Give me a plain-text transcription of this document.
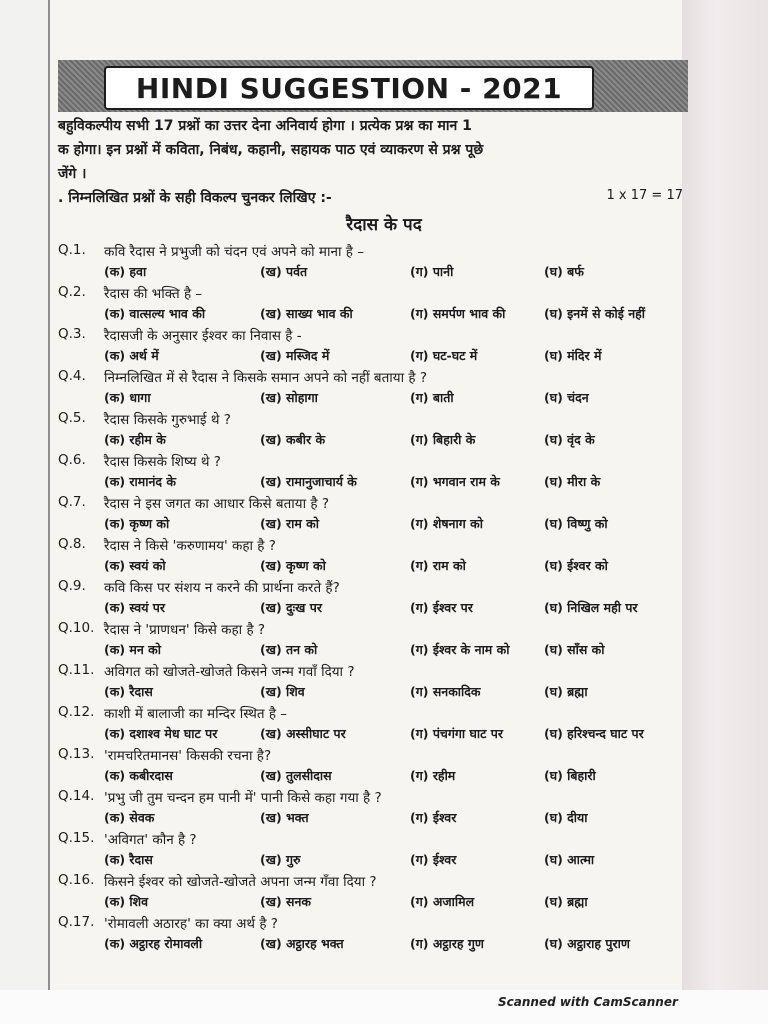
HINDI SUGGESTION - 2021
बहुविकल्पीय सभी 17 प्रश्नों का उत्तर देना अनिवार्य होगा । प्रत्येक प्रश्न का मान 1
क होगा। इन प्रश्नों में कविता, निबंध, कहानी, सहायक पाठ एवं व्याकरण से प्रश्न पूछे
जेंगे ।
. निम्नलिखित प्रश्नों के सही विकल्प चुनकर लिखिए :-	1 x 17 = 17
रैदास के पद
Q.1.	कवि रैदास ने प्रभुजी को चंदन एवं अपने को माना है –
(क) हवा	(ख) पर्वत	(ग) पानी	(घ) बर्फ
Q.2.	रैदास की भक्ति है –
(क) वात्सल्य भाव की	(ख) साख्य भाव की	(ग) समर्पण भाव की	(घ) इनमें से कोई नहीं
Q.3.	रैदासजी के अनुसार ईश्वर का निवास है -
(क) अर्थ में	(ख) मस्जिद में	(ग) घट-घट में	(घ) मंदिर में
Q.4.	निम्नलिखित में से रैदास ने किसके समान अपने को नहीं बताया है ?
(क) धागा	(ख) सोहागा	(ग) बाती	(घ) चंदन
Q.5.	रैदास किसके गुरुभाई थे ?
(क) रहीम के	(ख) कबीर के	(ग) बिहारी के	(घ) वृंद के
Q.6.	रैदास किसके शिष्य थे ?
(क) रामानंद के	(ख) रामानुजाचार्य के	(ग) भगवान राम के	(घ) मीरा के
Q.7.	रैदास ने इस जगत का आधार किसे बताया है ?
(क) कृष्ण को	(ख) राम को	(ग) शेषनाग को	(घ) विष्णु को
Q.8.	रैदास ने किसे 'करुणामय' कहा है ?
(क) स्वयं को	(ख) कृष्ण को	(ग) राम को	(घ) ईश्वर को
Q.9.	कवि किस पर संशय न करने की प्रार्थना करते हैं?
(क) स्वयं पर	(ख) दुःख पर	(ग) ईश्वर पर	(घ) निखिल मही पर
Q.10. रैदास ने 'प्राणधन' किसे कहा है ?
(क) मन को	(ख) तन को	(ग) ईश्वर के नाम को	(घ) साँस को
Q.11. अविगत को खोजते-खोजते किसने जन्म गवाँ दिया ?
(क) रैदास	(ख) शिव	(ग) सनकादिक	(घ) ब्रह्मा
Q.12. काशी में बालाजी का मन्दिर स्थित है –
(क) दशाश्व मेध घाट पर	(ख) अस्सीघाट पर	(ग) पंचगंगा घाट पर	(घ) हरिश्चन्द घाट पर
Q.13. 'रामचरितमानस' किसकी रचना है?
(क) कबीरदास	(ख) तुलसीदास	(ग) रहीम	(घ) बिहारी
Q.14. 'प्रभु जी तुम चन्दन हम पानी में' पानी किसे कहा गया है ?
(क) सेवक	(ख) भक्त	(ग) ईश्वर	(घ) दीया
Q.15. 'अविगत' कौन है ?
(क) रैदास	(ख) गुरु	(ग) ईश्वर	(घ) आत्मा
Q.16. किसने ईश्वर को खोजते-खोजते अपना जन्म गँवा दिया ?
(क) शिव	(ख) सनक	(ग) अजामिल	(घ) ब्रह्मा
Q.17. 'रोमावली अठारह' का क्या अर्थ है ?
(क) अट्ठारह रोमावली	(ख) अट्ठारह भक्त	(ग) अट्ठारह गुण	(घ) अट्ठाराह पुराण
Scanned with CamScanner
